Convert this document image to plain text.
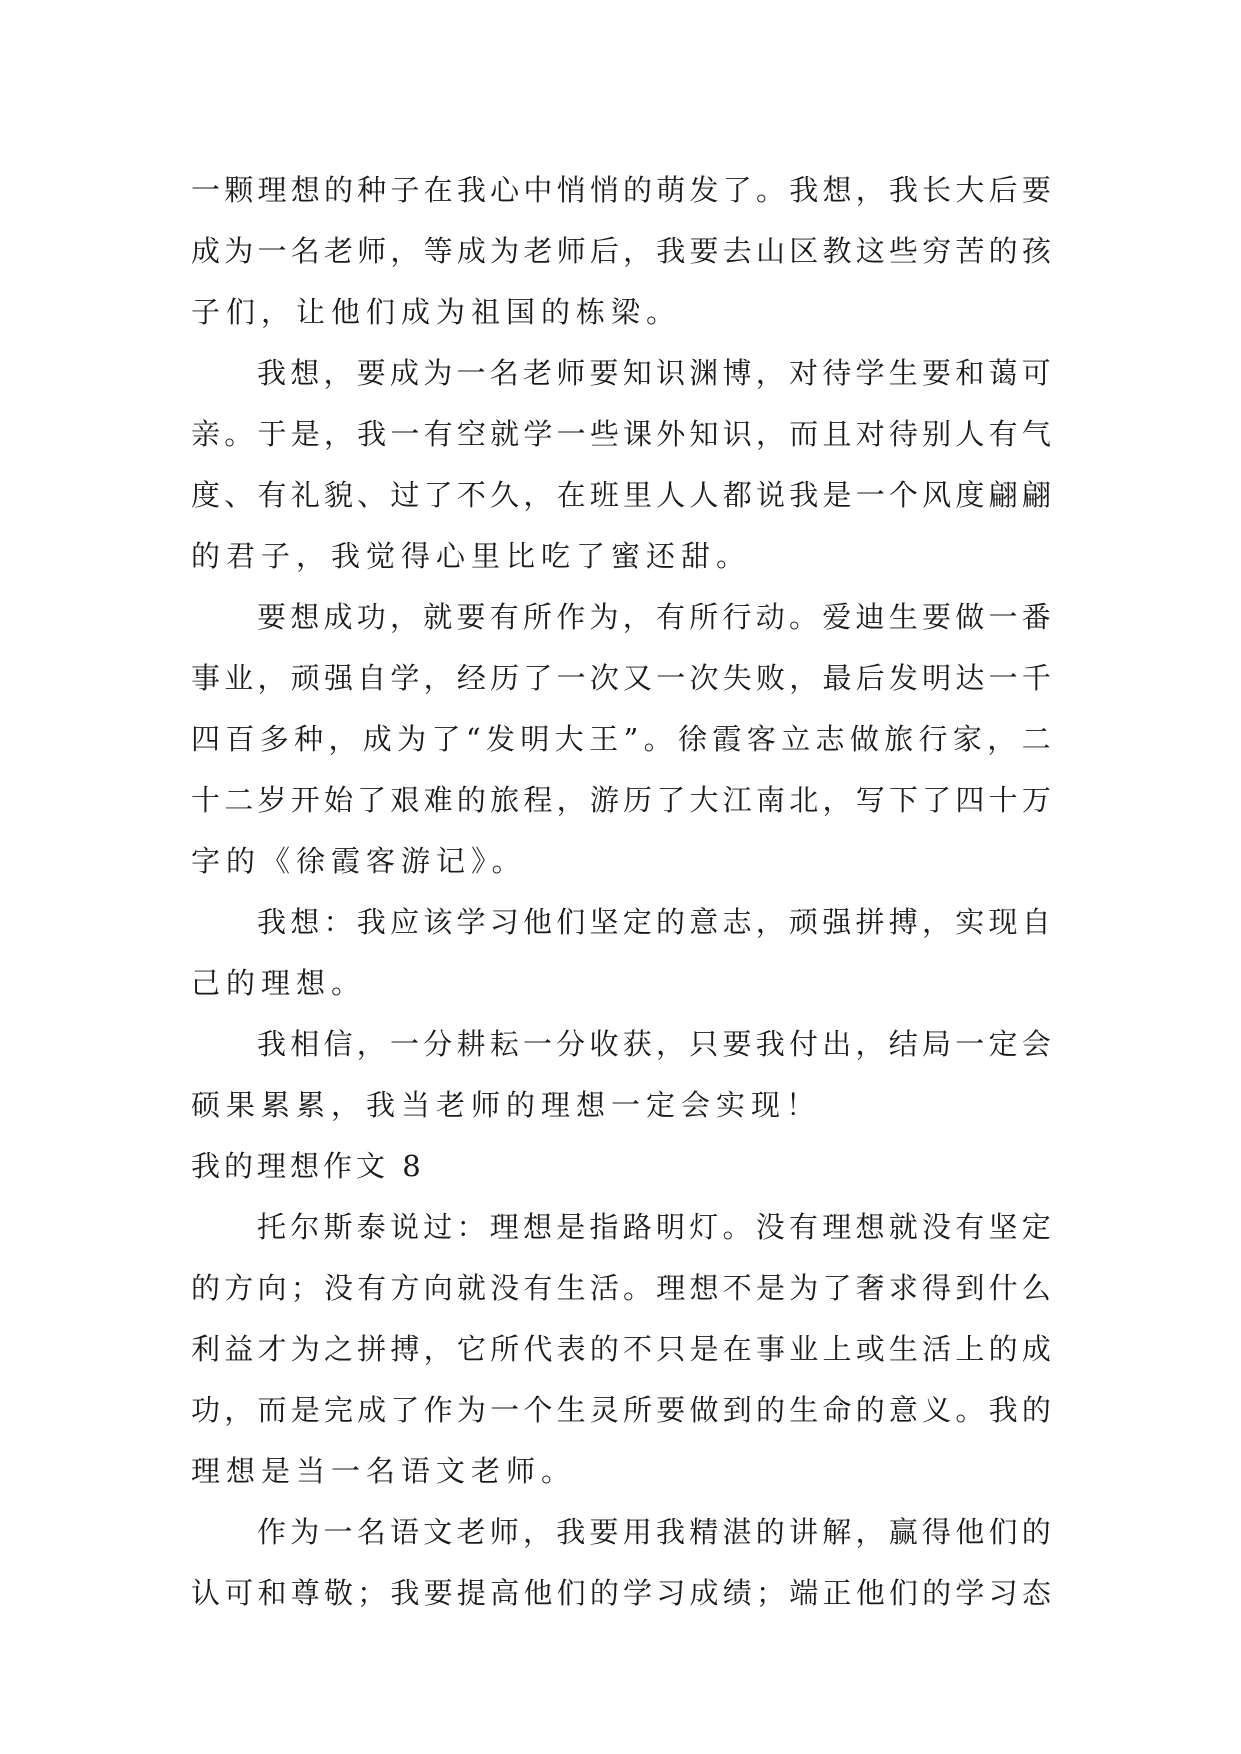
一 颗 理 想 的 种 子 在 我 心 中 悄 悄 的 萌 发 了 。 我 想 ， 我 长 大 后 要
成 为 一 名 老 师 ， 等 成 为 老 师 后 ， 我 要 去 山 区 教 这 些 穷 苦 的 孩
子们，让他们成为祖国的栋梁。
我 想 ， 要 成 为 一 名 老 师 要 知 识 渊 博 ， 对 待 学 生 要 和 蔼 可
亲 。 于 是 ， 我 一 有 空 就 学 一 些 课 外 知 识 ， 而 且 对 待 别 人 有 气
度 、 有 礼 貌 、 过 了 不 久 ， 在 班 里 人 人 都 说 我 是 一 个 风 度 翩 翩
的君子，我觉得心里比吃了蜜还甜。
要 想 成 功 ， 就 要 有 所 作 为 ， 有 所 行 动 。 爱 迪 生 要 做 一 番
事 业 ， 顽 强 自 学 ， 经 历 了 一 次 又 一 次 失 败 ， 最 后 发 明 达 一 千
四 百 多 种 ， 成 为 了 “ 发 明 大 王 ” 。 徐 霞 客 立 志 做 旅 行 家 ， 二
十 二 岁 开 始 了 艰 难 的 旅 程 ， 游 历 了 大 江 南 北 ， 写 下 了 四 十 万
字的《徐霞客游记》。
我 想 ： 我 应 该 学 习 他 们 坚 定 的 意 志 ， 顽 强 拼 搏 ， 实 现 自
己的理想。
我 相 信 ， 一 分 耕 耘 一 分 收 获 ， 只 要 我 付 出 ， 结 局 一 定 会
硕果累累，我当老师的理想一定会实现！
我的理想作文 8
托 尔 斯 泰 说 过 ： 理 想 是 指 路 明 灯 。 没 有 理 想 就 没 有 坚 定
的 方 向 ； 没 有 方 向 就 没 有 生 活 。 理 想 不 是 为 了 奢 求 得 到 什 么
利 益 才 为 之 拼 搏 ， 它 所 代 表 的 不 只 是 在 事 业 上 或 生 活 上 的 成
功 ， 而 是 完 成 了 作 为 一 个 生 灵 所 要 做 到 的 生 命 的 意 义 。 我 的
理想是当一名语文老师。
作 为 一 名 语 文 老 师 ， 我 要 用 我 精 湛 的 讲 解 ， 赢 得 他 们 的
认 可 和 尊 敬 ； 我 要 提 高 他 们 的 学 习 成 绩 ； 端 正 他 们 的 学 习 态
